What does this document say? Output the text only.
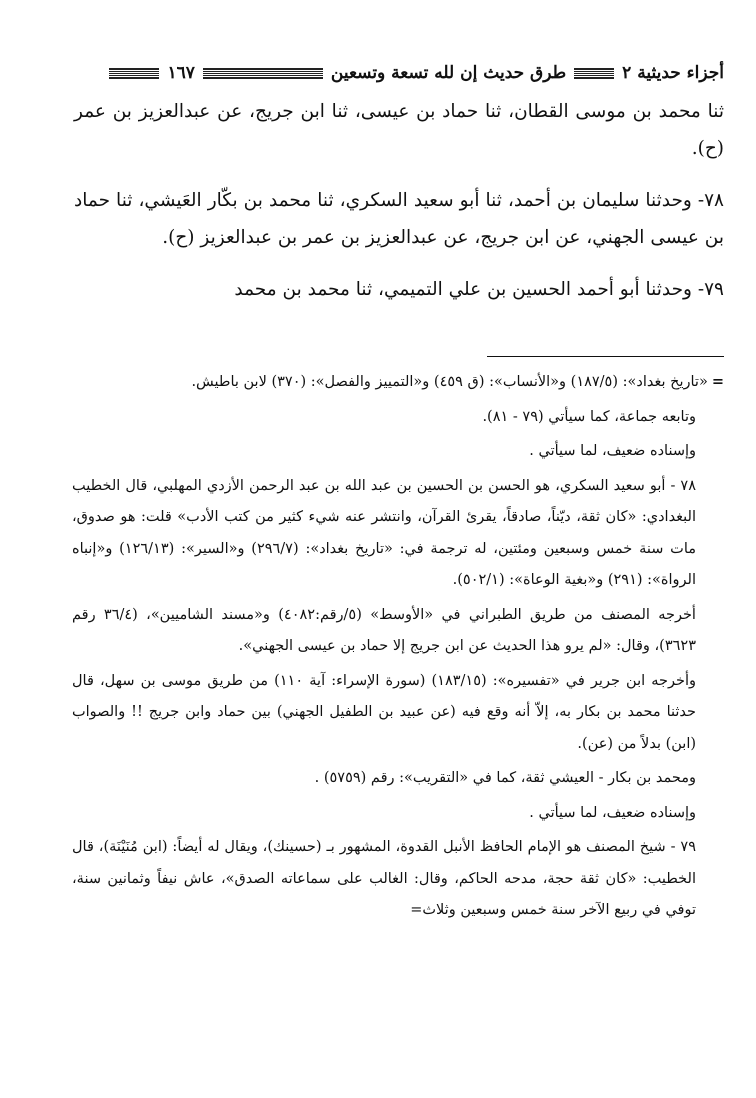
أجزاء حديثية ٢
طرق حديث إن لله تسعة وتسعين
١٦٧

ثنا محمد بن موسى القطان، ثنا حماد بن عيسى، ثنا ابن جريج، عن عبدالعزيز بن عمر (ح).

٧٨- وحدثنا سليمان بن أحمد، ثنا أبو سعيد السكري، ثنا محمد بن بكّار العَيشي، ثنا حماد بن عيسى الجهني، عن ابن جريج، عن عبدالعزيز بن عمر بن عبدالعزيز (ح).

٧٩- وحدثنا أبو أحمد الحسين بن علي التميمي، ثنا محمد بن محمد

=«تاريخ بغداد»: (١٨٧/٥) و«الأنساب»: (ق ٤٥٩) و«التمييز والفصل»: (٣٧٠) لابن باطيش.

وتابعه جماعة، كما سيأتي (٧٩ - ٨١).

وإسناده ضعيف، لما سيأتي .

٧٨ - أبو سعيد السكري، هو الحسن بن الحسين بن عبد الله بن عبد الرحمن الأزدي المهلبي، قال الخطيب البغدادي: «كان ثقة، ديّناً، صادقاً، يقرئ القرآن، وانتشر عنه شيء كثير من كتب الأدب» قلت: هو صدوق، مات سنة خمس وسبعين ومئتين، له ترجمة في: «تاريخ بغداد»: (٢٩٦/٧) و«السير»: (١٢٦/١٣) و«إنباه الرواة»: (٢٩١) و«بغية الوعاة»: (٥٠٢/١).

أخرجه المصنف من طريق الطبراني في «الأوسط» (٥/رقم:٤٠٨٢) و«مسند الشاميين»، (٣٦/٤ رقم ٣٦٢٣)، وقال: «لم يرو هذا الحديث عن ابن جريج إلا حماد بن عيسى الجهني».

وأخرجه ابن جرير في «تفسيره»: (١٨٣/١٥) (سورة الإسراء: آية ١١٠) من طريق موسى بن سهل، قال حدثنا محمد بن بكار به، إلاّ أنه وقع فيه (عن عبيد بن الطفيل الجهني) بين حماد وابن جريج !! والصواب (ابن) بدلاً من (عن).

ومحمد بن بكار - العيشي ثقة، كما في «التقريب»: رقم (٥٧٥٩) .

وإسناده ضعيف، لما سيأتي .

٧٩ - شيخ المصنف هو الإمام الحافظ الأنبل القدوة، المشهور بـ (حسينك)، ويقال له أيضاً: (ابن مُنَيْنَة)، قال الخطيب: «كان ثقة حجة، مدحه الحاكم، وقال: الغالب على سماعاته الصدق»، عاش نيفاً وثمانين سنة، توفي في ربيع الآخر سنة خمس وسبعين وثلاث=
